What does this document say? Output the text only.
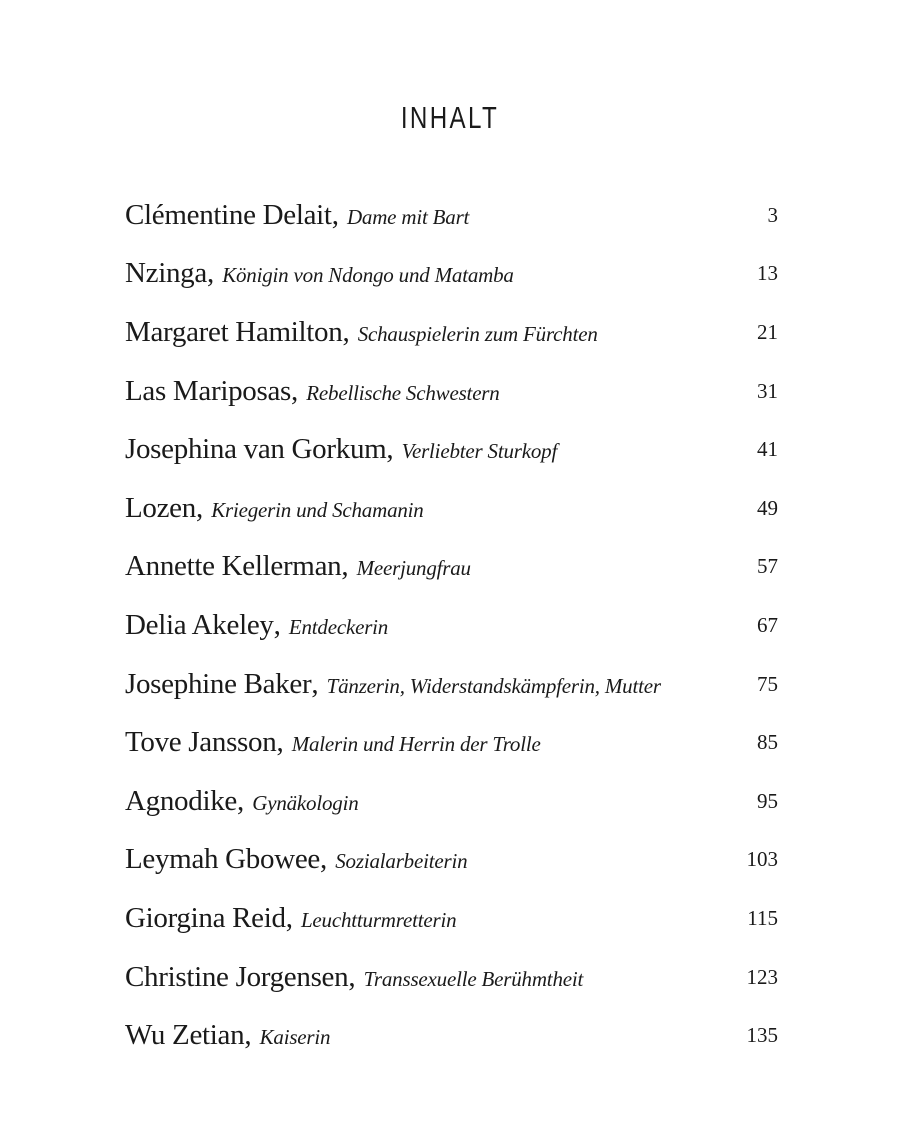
INHALT
Clémentine Delait , Dame mit Bart	3
Nzinga , Königin von Ndongo und Matamba	13
Margaret Hamilton , Schauspielerin zum Fürchten	21
Las Mariposas , Rebellische Schwestern	31
Josephina van Gorkum , Verliebter Sturkopf	41
Lozen , Kriegerin und Schamanin	49
Annette Kellerman , Meerjungfrau	57
Delia Akeley , Entdeckerin	67
Josephine Baker , Tänzerin, Widerstandskämpferin, Mutter	75
Tove Jansson , Malerin und Herrin der Trolle	85
Agnodike , Gynäkologin	95
Leymah Gbowee , Sozialarbeiterin	103
Giorgina Reid , Leuchtturmretterin	115
Christine Jorgensen , Transsexuelle Berühmtheit	123
Wu Zetian , Kaiserin	135
